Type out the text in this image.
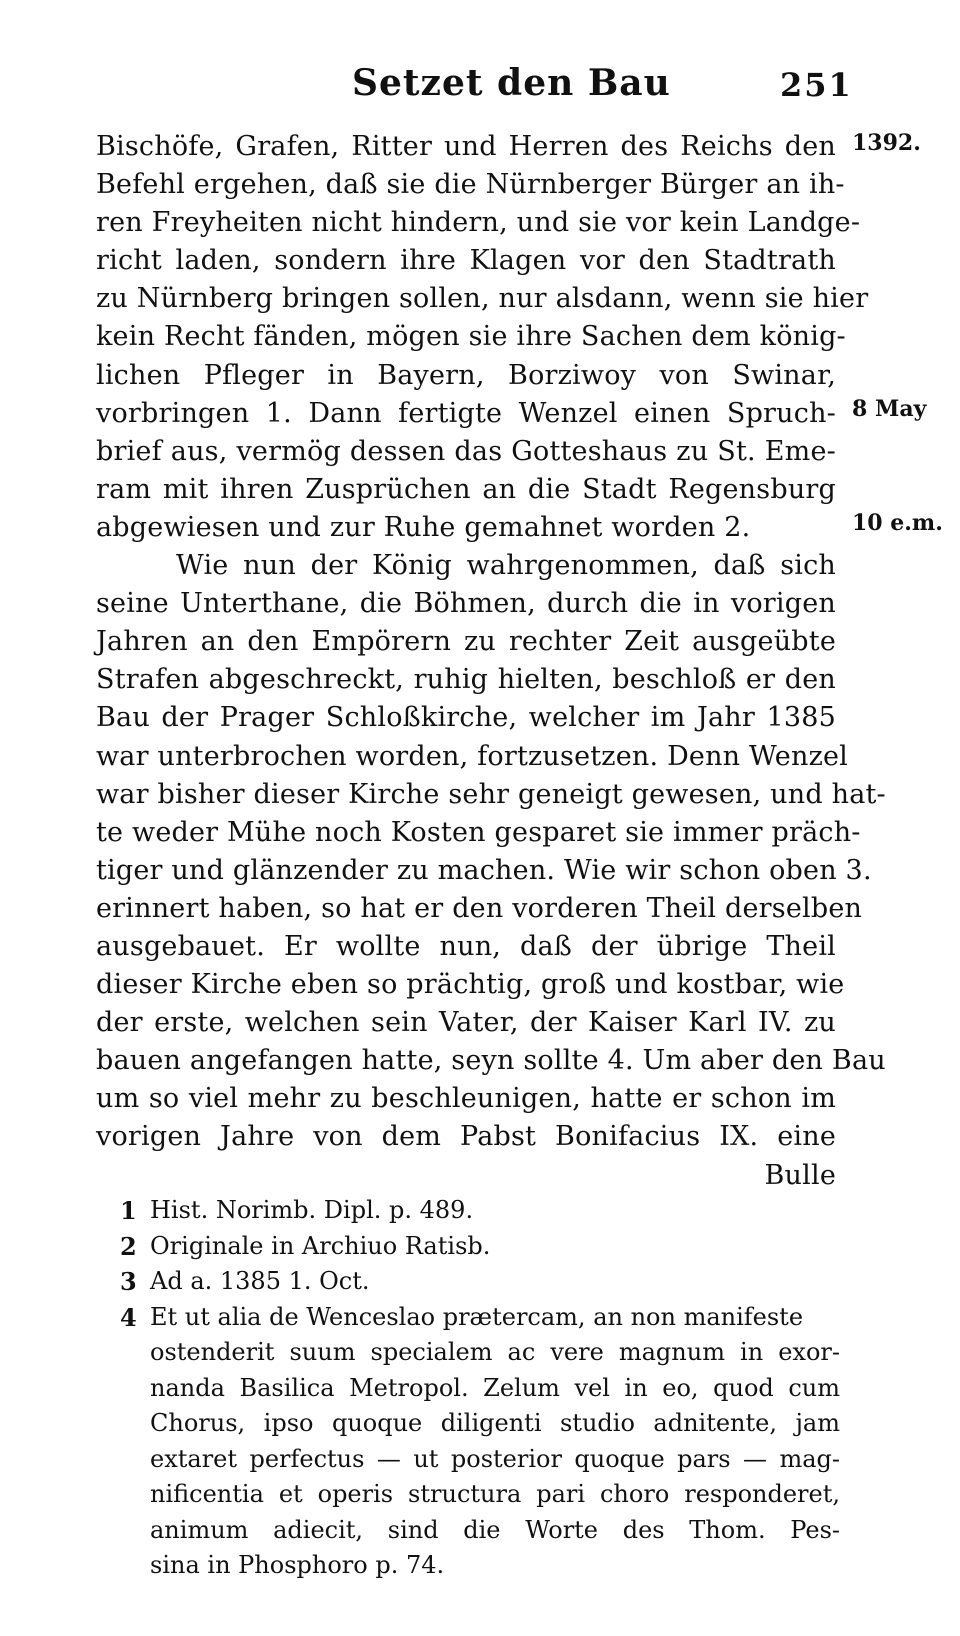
Setzet den Bau	251
1392.
8 May
10 e.m.
Bischöfe, Grafen, Ritter und Herren des Reichs den
Befehl ergehen, daß sie die Nürnberger Bürger an ih-
ren Freyheiten nicht hindern, und sie vor kein Landge-
richt laden, sondern ihre Klagen vor den Stadtrath
zu Nürnberg bringen sollen, nur alsdann, wenn sie hier
kein Recht fänden, mögen sie ihre Sachen dem könig-
lichen Pfleger in Bayern, Borziwoy von Swinar,
vorbringen 1. Dann fertigte Wenzel einen Spruch-
brief aus, vermög dessen das Gotteshaus zu St. Eme-
ram mit ihren Zusprüchen an die Stadt Regensburg
abgewiesen und zur Ruhe gemahnet worden 2.
Wie nun der König wahrgenommen, daß sich
seine Unterthane, die Böhmen, durch die in vorigen
Jahren an den Empörern zu rechter Zeit ausgeübte
Strafen abgeschreckt, ruhig hielten, beschloß er den
Bau der Prager Schloßkirche, welcher im Jahr 1385
war unterbrochen worden, fortzusetzen. Denn Wenzel
war bisher dieser Kirche sehr geneigt gewesen, und hat-
te weder Mühe noch Kosten gesparet sie immer präch-
tiger und glänzender zu machen. Wie wir schon oben 3.
erinnert haben, so hat er den vorderen Theil derselben
ausgebauet. Er wollte nun, daß der übrige Theil
dieser Kirche eben so prächtig, groß und kostbar, wie
der erste, welchen sein Vater, der Kaiser Karl IV. zu
bauen angefangen hatte, seyn sollte 4. Um aber den Bau
um so viel mehr zu beschleunigen, hatte er schon im
vorigen Jahre von dem Pabst Bonifacius IX. eine
Bulle
1 Hist. Norimb. Dipl. p. 489.
2 Originale in Archiuo Ratisb.
3 Ad a. 1385 1. Oct.
4 Et ut alia de Wenceslao prætercam, an non manifeste
ostenderit suum specialem ac vere magnum in exor-
nanda Basilica Metropol. Zelum vel in eo, quod cum
Chorus, ipso quoque diligenti studio adnitente, jam
extaret perfectus — ut posterior quoque pars — mag-
nificentia et operis structura pari choro responderet,
animum adiecit, sind die Worte des Thom. Pes-
sina in Phosphoro p. 74.
